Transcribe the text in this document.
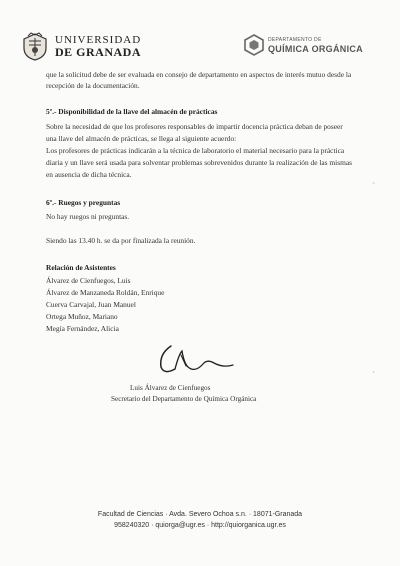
UNIVERSIDAD
DE GRANADA
DEPARTAMENTO DE
QUÍMICA ORGÁNICA
que la solicitud debe de ser evaluada en consejo de departamento en aspectos de interés mutuo desde la
recepción de la documentación.
5º.- Disponibilidad de la llave del almacén de prácticas
Sobre la necesidad de que los profesores responsables de impartir docencia práctica deban de poseer
una llave del almacén de prácticas, se llega al siguiente acuerdo:
Los profesores de prácticas indicarán a la técnica de laboratorio el material necesario para la práctica
diaria y un llave será usada para solventar problemas sobrevenidos durante la realización de las mismas
en ausencia de dicha técnica.
6º.- Ruegos y preguntas
No hay ruegos ni preguntas.
Siendo las 13.40 h. se da por finalizada la reunión.
Relación de Asistentes
Álvarez de Cienfuegos, Luis
Álvarez de Manzaneda Roldán, Enrique
Cuerva Carvajal, Juan Manuel
Ortega Muñoz, Mariano
Megía Fernández, Alicia
Luis Álvarez de Cienfuegos
Secretario del Departamento de Química Orgánica
~
~
Facultad de Ciencias · Avda. Severo Ochoa s.n. · 18071-Granada
958240320 · quiorga@ugr.es · http://quiorganica.ugr.es
